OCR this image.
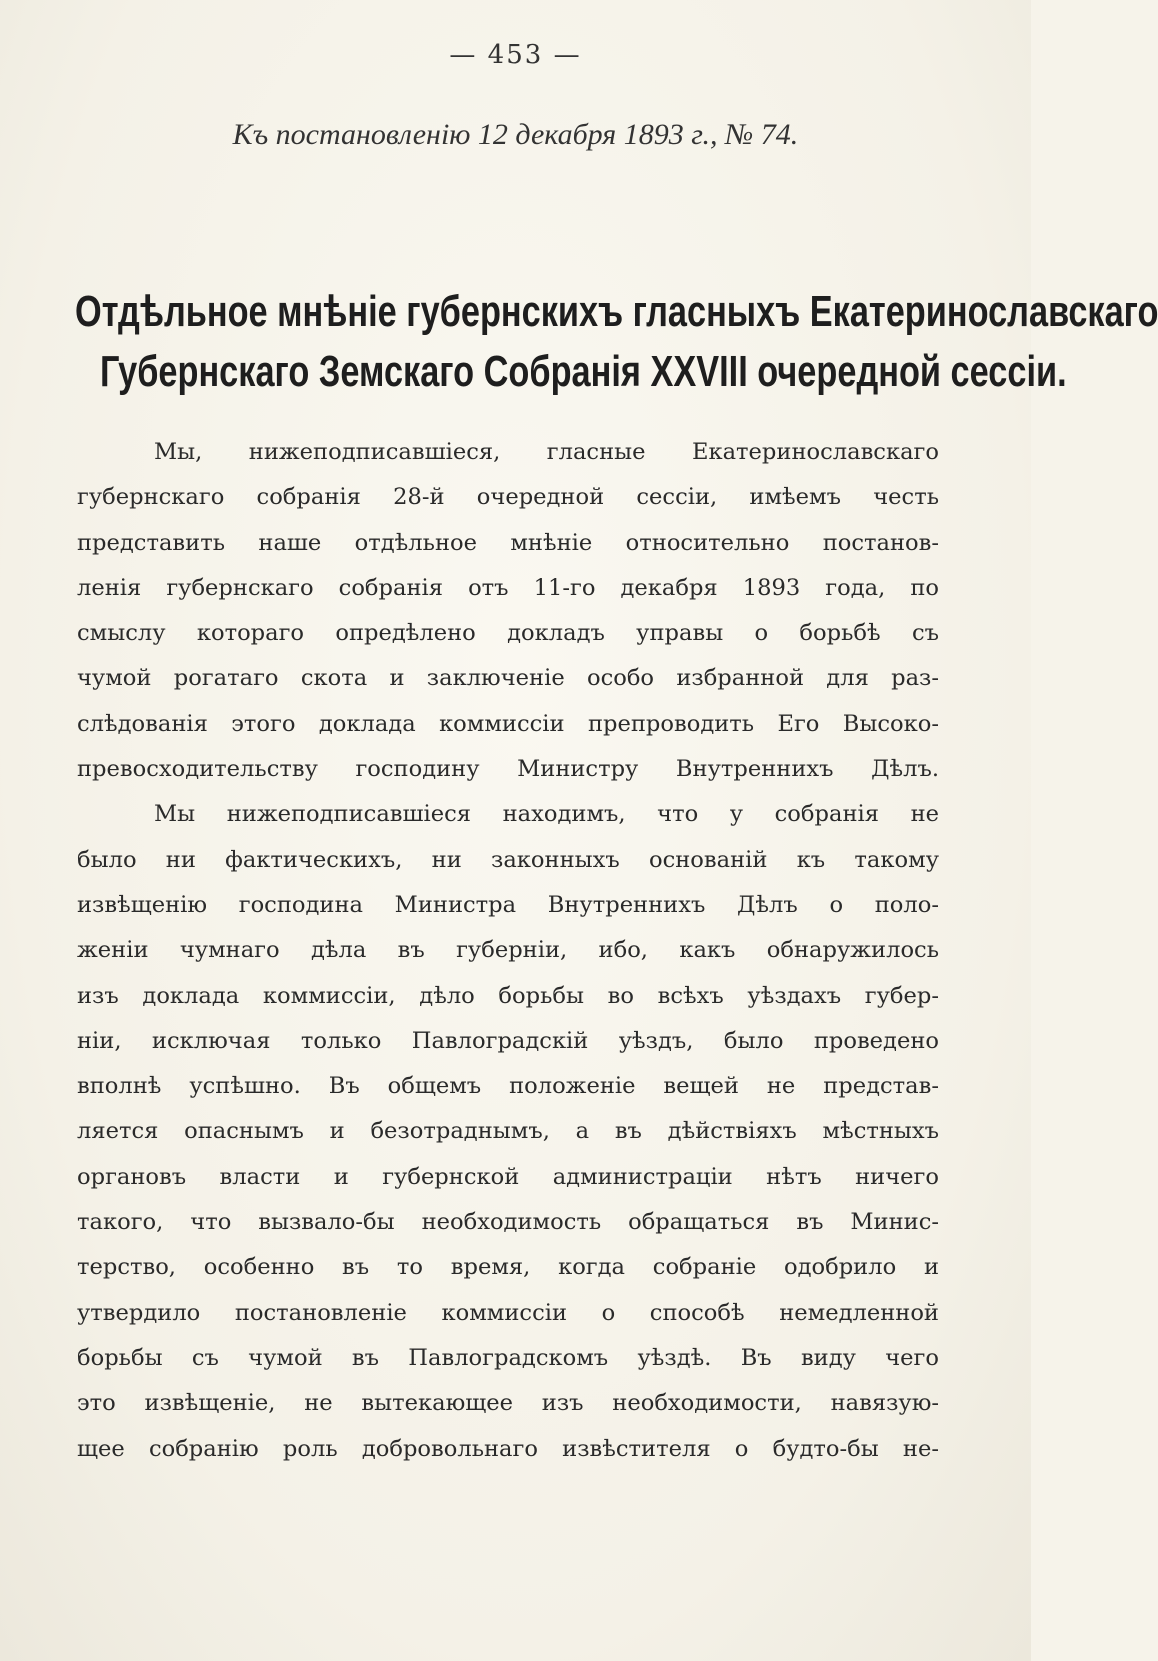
— 453 —
Къ постановленію 12 декабря 1893 г., № 74.
Отдѣльное мнѣніе губернскихъ гласныхъ Екатеринославскаго
Губернскаго Земскаго Собранія XXVIII очередной сессіи.
Мы, нижеподписавшіеся, гласные Екатеринославскаго
губернскаго собранія 28-й очередной сессіи, имѣемъ честь
представить наше отдѣльное мнѣніе относительно постанов-
ленія губернскаго собранія отъ 11-го декабря 1893 года, по
смыслу котораго опредѣлено докладъ управы о борьбѣ съ
чумой рогатаго скота и заключеніе особо избранной для раз-
слѣдованія этого доклада коммиссіи препроводить Его Высоко-
превосходительству господину Министру Внутреннихъ Дѣлъ.
Мы нижеподписавшіеся находимъ, что у собранія не
было ни фактическихъ, ни законныхъ основаній къ такому
извѣщенію господина Министра Внутреннихъ Дѣлъ о поло-
женіи чумнаго дѣла въ губерніи, ибо, какъ обнаружилось
изъ доклада коммиссіи, дѣло борьбы во всѣхъ уѣздахъ губер-
ніи, исключая только Павлоградскій уѣздъ, было проведено
вполнѣ успѣшно. Въ общемъ положеніе вещей не представ-
ляется опаснымъ и безотраднымъ, а въ дѣйствіяхъ мѣстныхъ
органовъ власти и губернской администраціи нѣтъ ничего
такого, что вызвало-бы необходимость обращаться въ Минис-
терство, особенно въ то время, когда собраніе одобрило и
утвердило постановленіе коммиссіи о способѣ немедленной
борьбы съ чумой въ Павлоградскомъ уѣздѣ. Въ виду чего
это извѣщеніе, не вытекающее изъ необходимости, навязую-
щее собранію роль добровольнаго извѣстителя о будто-бы не-
